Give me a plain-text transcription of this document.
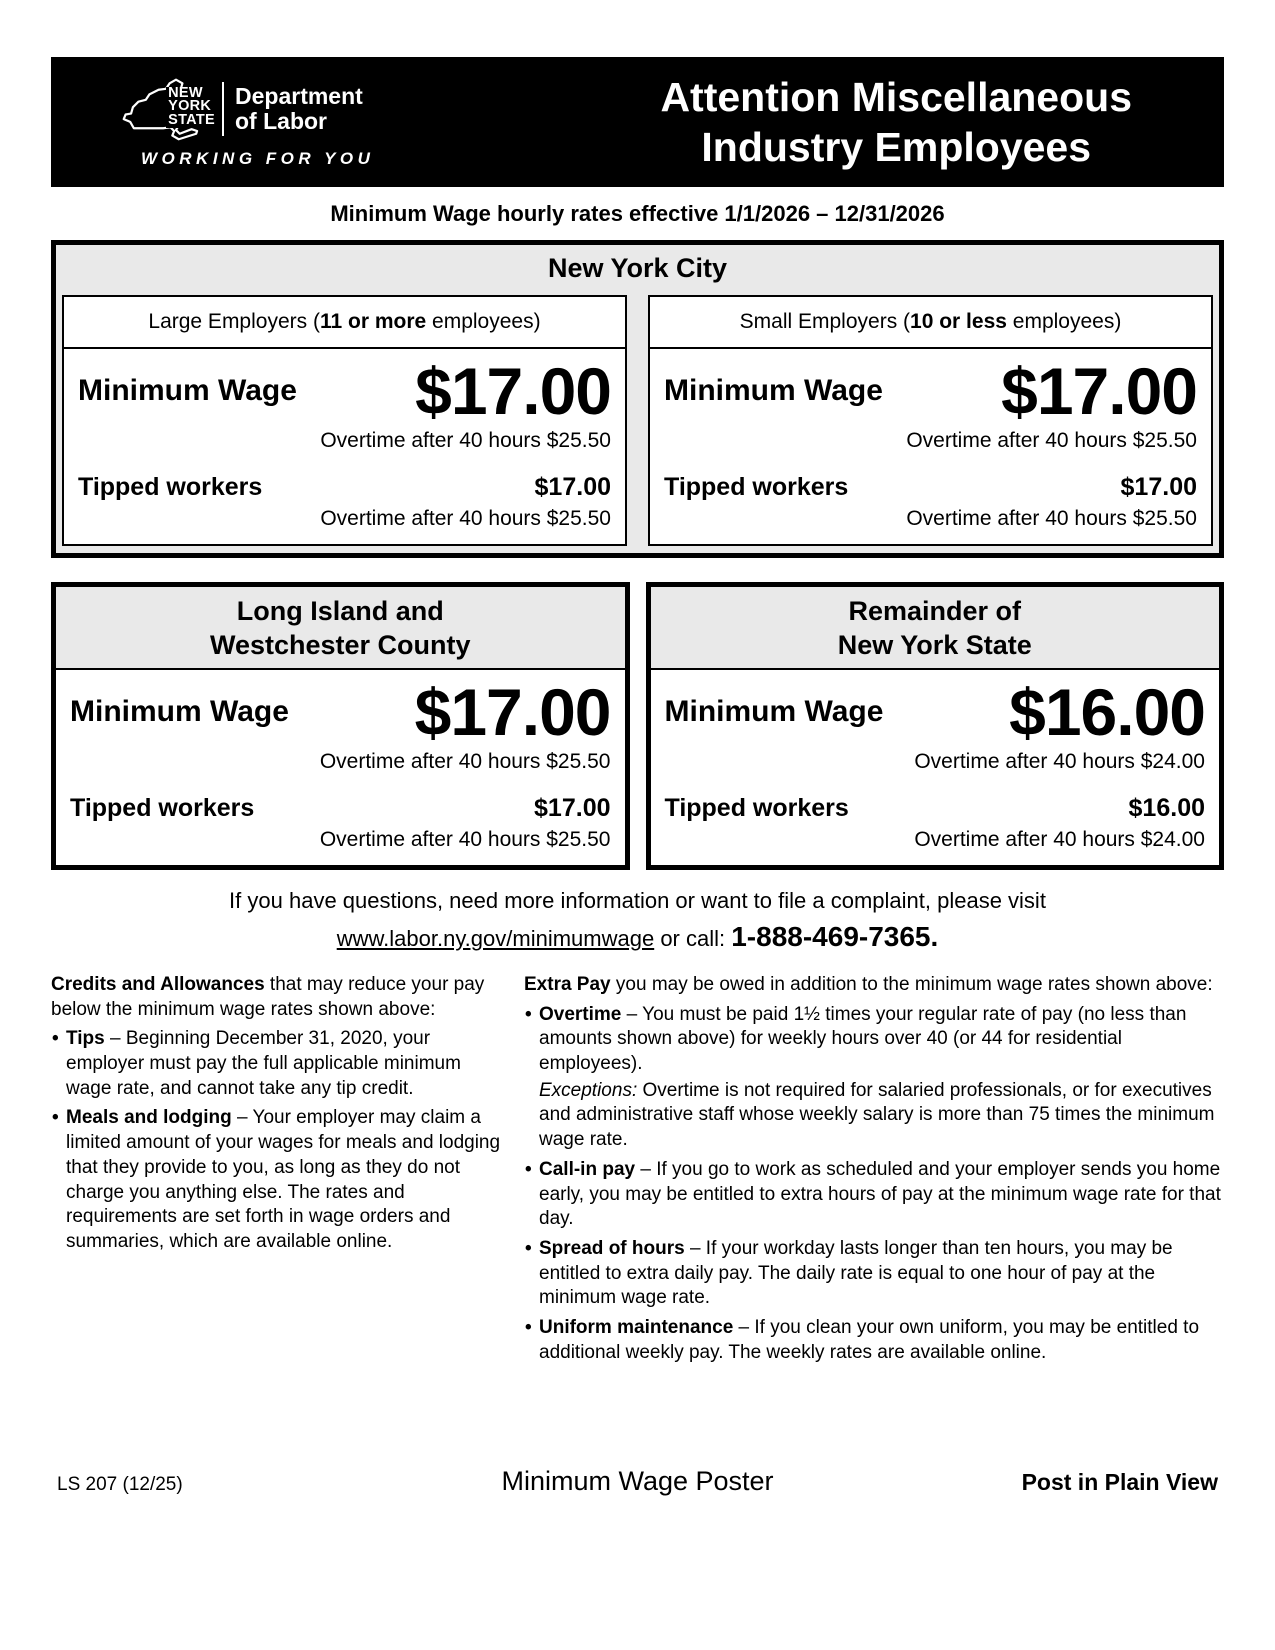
NEW
YORK
STATE
Department
of Labor
WORKING FOR YOU
Attention Miscellaneous
Industry Employees
Minimum Wage hourly rates effective 1/1/2026 – 12/31/2026
New York City
Large Employers (11 or more employees)
Minimum Wage $17.00
Overtime after 40 hours $25.50
Tipped workers	$17.00
Overtime after 40 hours $25.50
Small Employers (10 or less employees)
Minimum Wage $17.00
Overtime after 40 hours $25.50
Tipped workers	$17.00
Overtime after 40 hours $25.50
Long Island and
Westchester County
Minimum Wage $17.00
Overtime after 40 hours $25.50
Tipped workers	$17.00
Overtime after 40 hours $25.50
Remainder of
New York State
Minimum Wage $16.00
Overtime after 40 hours $24.00
Tipped workers	$16.00
Overtime after 40 hours $24.00
If you have questions, need more information or want to file a complaint, please visit
www.labor.ny.gov/minimumwage or call: 1-888-469-7365.

Credits and Allowances that may reduce your pay below the minimum wage rates shown above:

• Tips – Beginning December 31, 2020, your employer must pay the full applicable minimum wage rate, and cannot take any tip credit.
• Meals and lodging – Your employer may claim a limited amount of your wages for meals and lodging that they provide to you, as long as they do not charge you anything else. The rates and requirements are set forth in wage orders and summaries, which are available online.

Extra Pay you may be owed in addition to the minimum wage rates shown above:

• Overtime – You must be paid 1½ times your regular rate of pay (no less than amounts shown above) for weekly hours over 40 (or 44 for residential employees).
Exceptions: Overtime is not required for salaried professionals, or for executives and administrative staff whose weekly salary is more than 75 times the minimum wage rate.
• Call-in pay – If you go to work as scheduled and your employer sends you home early, you may be entitled to extra hours of pay at the minimum wage rate for that day.
• Spread of hours – If your workday lasts longer than ten hours, you may be entitled to extra daily pay. The daily rate is equal to one hour of pay at the minimum wage rate.
• Uniform maintenance – If you clean your own uniform, you may be entitled to additional weekly pay. The weekly rates are available online.
LS 207 (12/25)	Minimum Wage Poster	Post in Plain View
